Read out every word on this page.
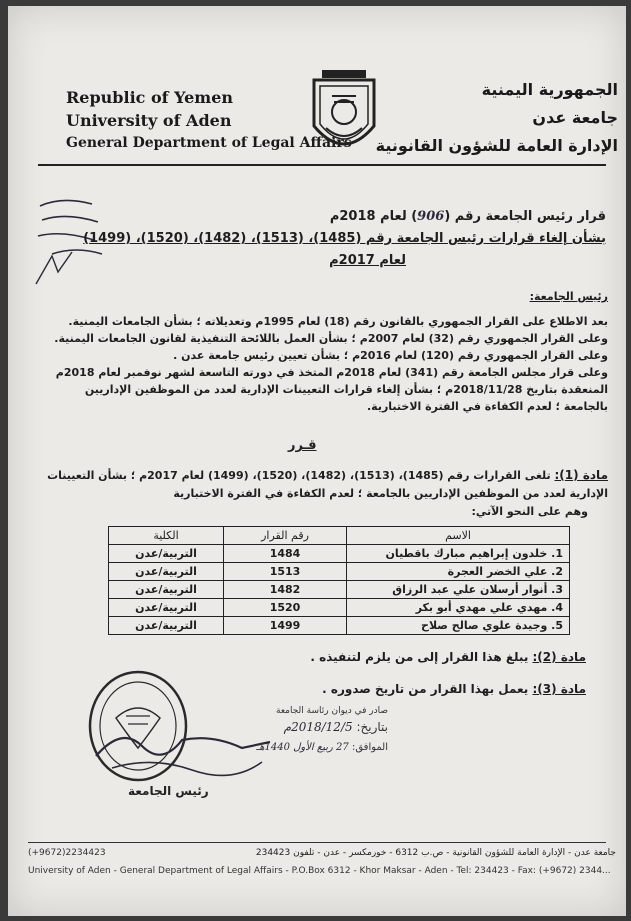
Republic of Yemen
University of Aden
General Department of Legal Affairs
الجمهورية اليمنية
جامعة عدن
الإدارة العامة للشؤون القانونية
قرار رئيس الجامعة رقم (906) لعام 2018م
بشأن إلغاء قرارات رئيس الجامعة رقم (1485)، (1513)، (1482)، (1520)، (1499)
لعام 2017م

رئيس الجامعة:

بعد الاطلاع على القرار الجمهوري بالقانون رقم (18) لعام 1995م وتعديلاته ؛ بشأن الجامعات اليمنية.

وعلى القرار الجمهوري رقم (32) لعام 2007م ؛ بشأن العمل باللائحة التنفيذية لقانون الجامعات اليمنية.

وعلى القرار الجمهوري رقم (120) لعام 2016م ؛ بشأن تعيين رئيس جامعة عدن .

وعلى قرار مجلس الجامعة رقم (341) لعام 2018م المتخذ في دورته التاسعة لشهر نوفمبر لعام 2018م المنعقدة بتاريخ 2018/11/28م ؛ بشأن إلغاء قرارات التعيينات الإدارية لعدد من الموظفين الإداريين بالجامعة ؛ لعدم الكفاءة في الفترة الاختبارية.

قـرر

مادة (1): تلغى القرارات رقم (1485)، (1513)، (1482)، (1520)، (1499) لعام 2017م ؛ بشأن التعيينات الإدارية لعدد من الموظفين الإداريين بالجامعة ؛ لعدم الكفاءة في الفترة الاختبارية

وهم على النحو الآتي:

الاسم	رقم القرار	الكلية
1. خلدون إبراهيم مبارك باقطيان	1484	التربية/عدن
2. علي الخضر العجرة	1513	التربية/عدن
3. أنوار أرسلان علي عبد الرزاق	1482	التربية/عدن
4. مهدي علي مهدي أبو بكر	1520	التربية/عدن
5. وجيدة علوي صالح صلاح	1499	التربية/عدن
مادة (2): يبلغ هذا القرار إلى من يلزم لتنفيذه .
مادة (3): يعمل بهذا القرار من تاريخ صدوره .
صادر في ديوان رئاسة الجامعة
بتاريخ: 2018/12/5م
الموافق: 27 ربيع الأول 1440هـ
رئيس الجامعة
(+9672)2234423	جامعة عدن - الإدارة العامة للشؤون القانونية - ص.ب 6312 - خورمكسر - عدن - تلفون 234423
University of Aden - General Department of Legal Affairs - P.O.Box 6312 - Khor Maksar - Aden - Tel: 234423 - Fax: (+9672) 2344...
